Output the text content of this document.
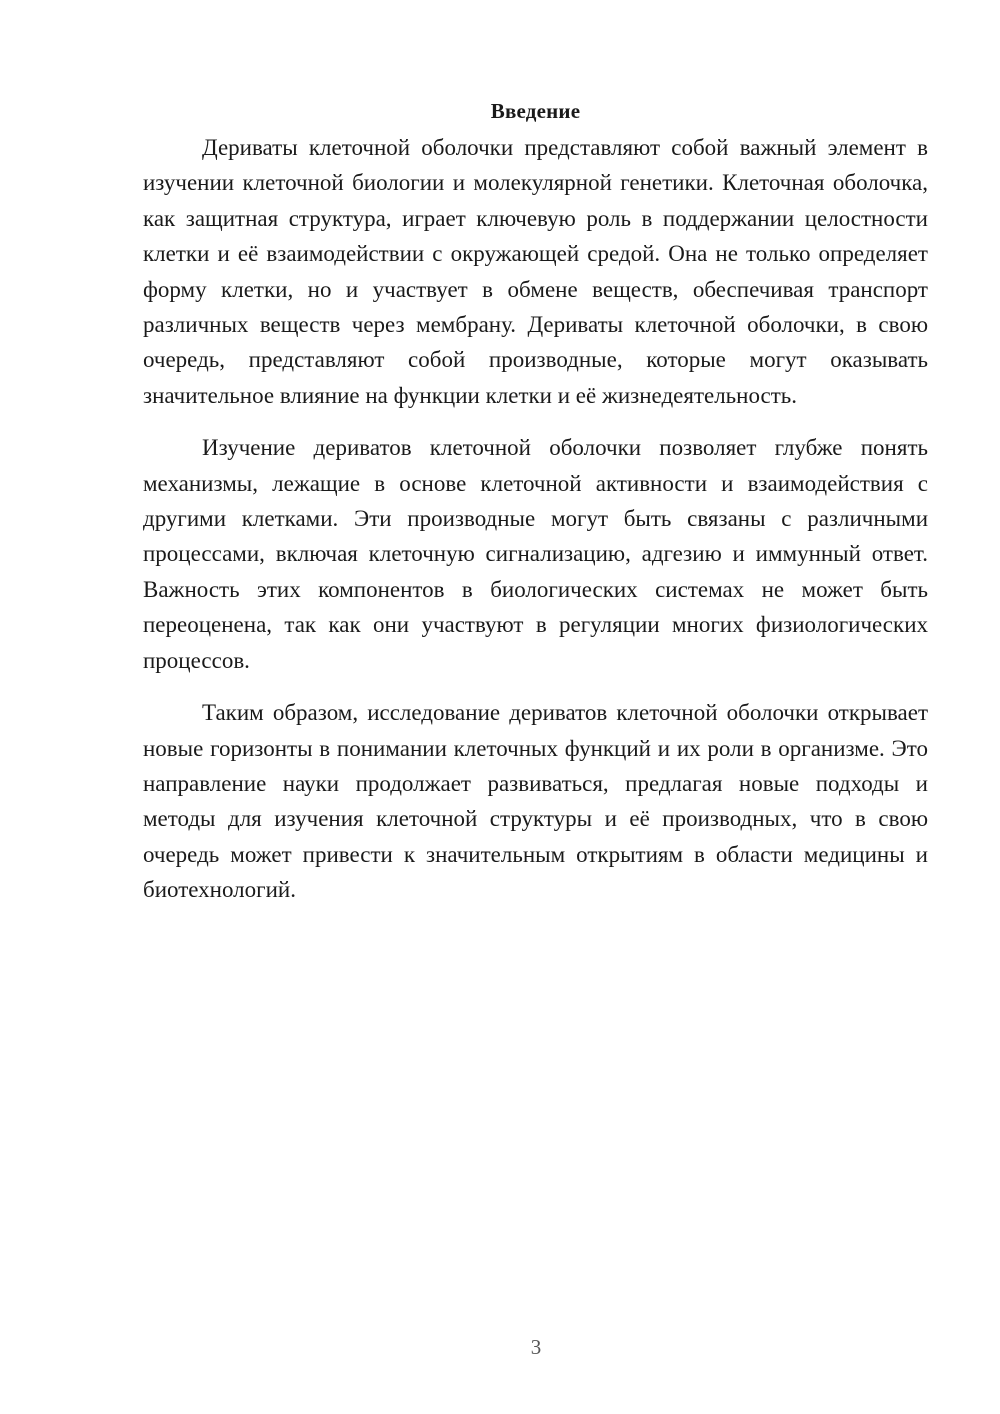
Введение

Дериваты клеточной оболочки представляют собой важный элемент в изучении клеточной биологии и молекулярной генетики. Клеточная оболочка, как защитная структура, играет ключевую роль в поддержании целостности клетки и её взаимодействии с окружающей средой. Она не только определяет форму клетки, но и участвует в обмене веществ, обеспечивая транспорт различных веществ через мембрану. Дериваты клеточной оболочки, в свою очередь, представляют собой производные, которые могут оказывать значительное влияние на функции клетки и её жизнедеятельность.

Изучение дериватов клеточной оболочки позволяет глубже понять механизмы, лежащие в основе клеточной активности и взаимодействия с другими клетками. Эти производные могут быть связаны с различными процессами, включая клеточную сигнализацию, адгезию и иммунный ответ. Важность этих компонентов в биологических системах не может быть переоценена, так как они участвуют в регуляции многих физиологических процессов.

Таким образом, исследование дериватов клеточной оболочки открывает новые горизонты в понимании клеточных функций и их роли в организме. Это направление науки продолжает развиваться, предлагая новые подходы и методы для изучения клеточной структуры и её производных, что в свою очередь может привести к значительным открытиям в области медицины и биотехнологий.

3
